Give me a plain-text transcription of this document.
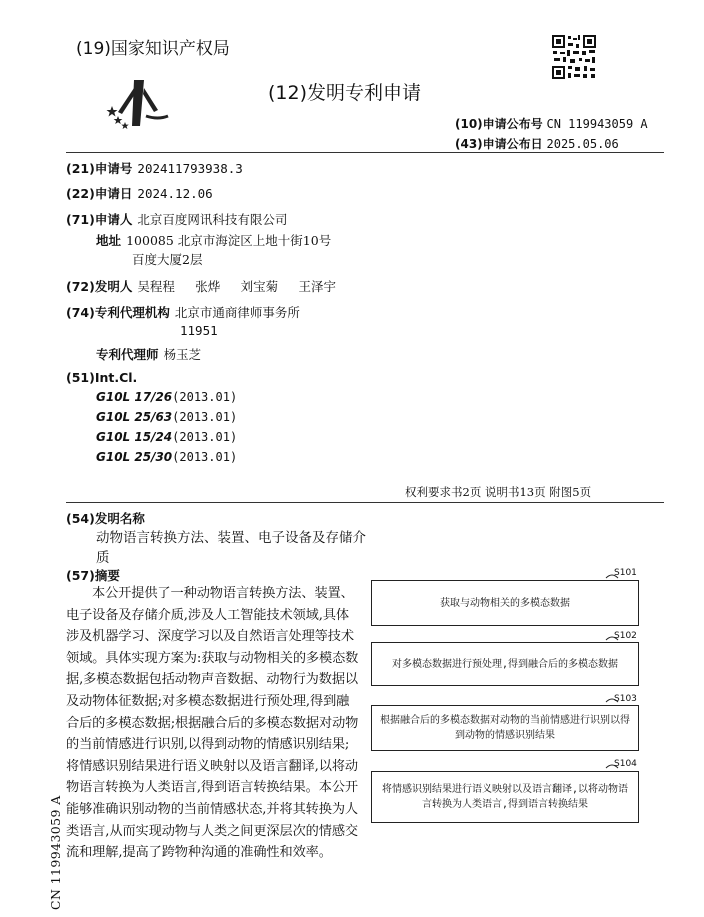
(19)国家知识产权局
(12)发明专利申请
(10)申请公布号 CN 119943059 A
(43)申请公布日 2025.05.06
(21)申请号 202411793938.3
(22)申请日 2024.12.06
(71)申请人 北京百度网讯科技有限公司
地址 100085 北京市海淀区上地十街10号
百度大厦2层
(72)发明人 吴程程 张烨 刘宝菊 王泽宇
(74)专利代理机构 北京市通商律师事务所
11951
专利代理师 杨玉芝
(51)Int.Cl.
G10L 17/26(2013.01)
G10L 25/63(2013.01)
G10L 15/24(2013.01)
G10L 25/30(2013.01)
权利要求书2页 说明书13页 附图5页
(54)发明名称
动物语言转换方法、装置、电子设备及存储介质
(57)摘要
本公开提供了一种动物语言转换方法、装置、电子设备及存储介质,涉及人工智能技术领域,具体涉及机器学习、深度学习以及自然语言处理等技术领域。具体实现方案为:获取与动物相关的多模态数据,多模态数据包括动物声音数据、动物行为数据以及动物体征数据;对多模态数据进行预处理,得到融合后的多模态数据;根据融合后的多模态数据对动物的当前情感进行识别,以得到动物的情感识别结果;将情感识别结果进行语义映射以及语言翻译,以将动物语言转换为人类语言,得到语言转换结果。本公开能够准确识别动物的当前情感状态,并将其转换为人类语言,从而实现动物与人类之间更深层次的情感交流和理解,提高了跨物种沟通的准确性和效率。
S101
获取与动物相关的多模态数据
S102
对多模态数据进行预处理,得到融合后的多模态数据
S103
根据融合后的多模态数据对动物的当前情感进行识别以得到动物的情感识别结果
S104
将情感识别结果进行语义映射以及语言翻译,以将动物语言转换为人类语言,得到语言转换结果
CN 119943059 A
